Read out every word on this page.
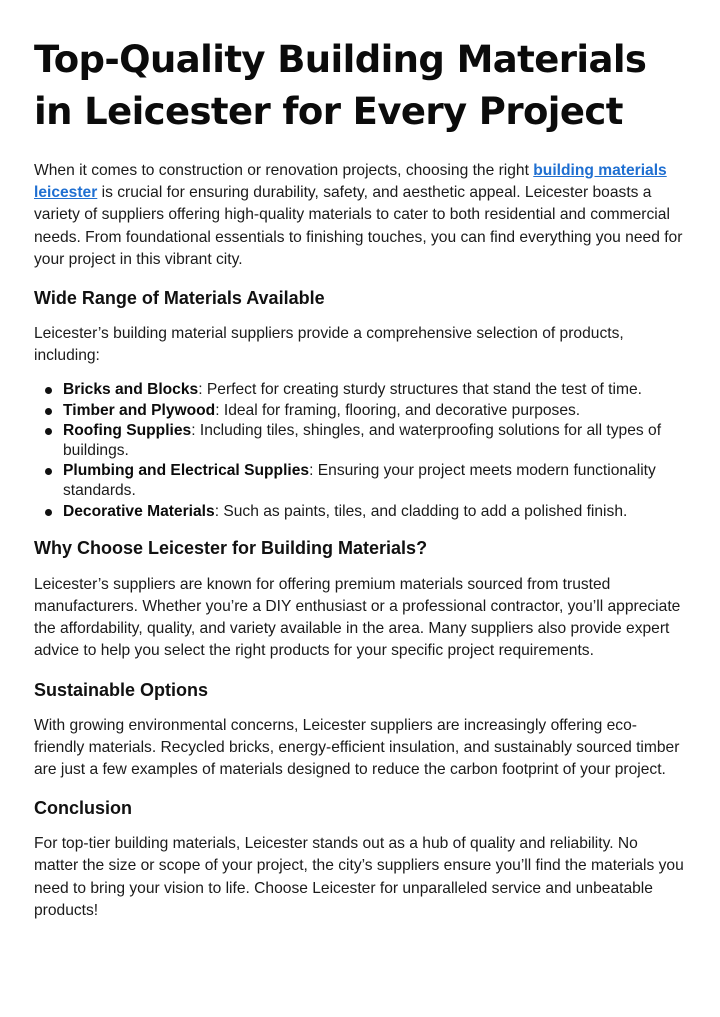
Top-Quality Building Materials in Leicester for Every Project

When it comes to construction or renovation projects, choosing the right building materials leicester is crucial for ensuring durability, safety, and aesthetic appeal. Leicester boasts a variety of suppliers offering high-quality materials to cater to both residential and commercial needs. From foundational essentials to finishing touches, you can find everything you need for your project in this vibrant city.

Wide Range of Materials Available

Leicester’s building material suppliers provide a comprehensive selection of products, including:

Bricks and Blocks: Perfect for creating sturdy structures that stand the test of time.
Timber and Plywood: Ideal for framing, flooring, and decorative purposes.
Roofing Supplies: Including tiles, shingles, and waterproofing solutions for all types of buildings.
Plumbing and Electrical Supplies: Ensuring your project meets modern functionality standards.
Decorative Materials: Such as paints, tiles, and cladding to add a polished finish.
Why Choose Leicester for Building Materials?

Leicester’s suppliers are known for offering premium materials sourced from trusted manufacturers. Whether you’re a DIY enthusiast or a professional contractor, you’ll appreciate the affordability, quality, and variety available in the area. Many suppliers also provide expert advice to help you select the right products for your specific project requirements.

Sustainable Options

With growing environmental concerns, Leicester suppliers are increasingly offering eco-friendly materials. Recycled bricks, energy-efficient insulation, and sustainably sourced timber are just a few examples of materials designed to reduce the carbon footprint of your project.

Conclusion

For top-tier building materials, Leicester stands out as a hub of quality and reliability. No matter the size or scope of your project, the city’s suppliers ensure you’ll find the materials you need to bring your vision to life. Choose Leicester for unparalleled service and unbeatable products!
